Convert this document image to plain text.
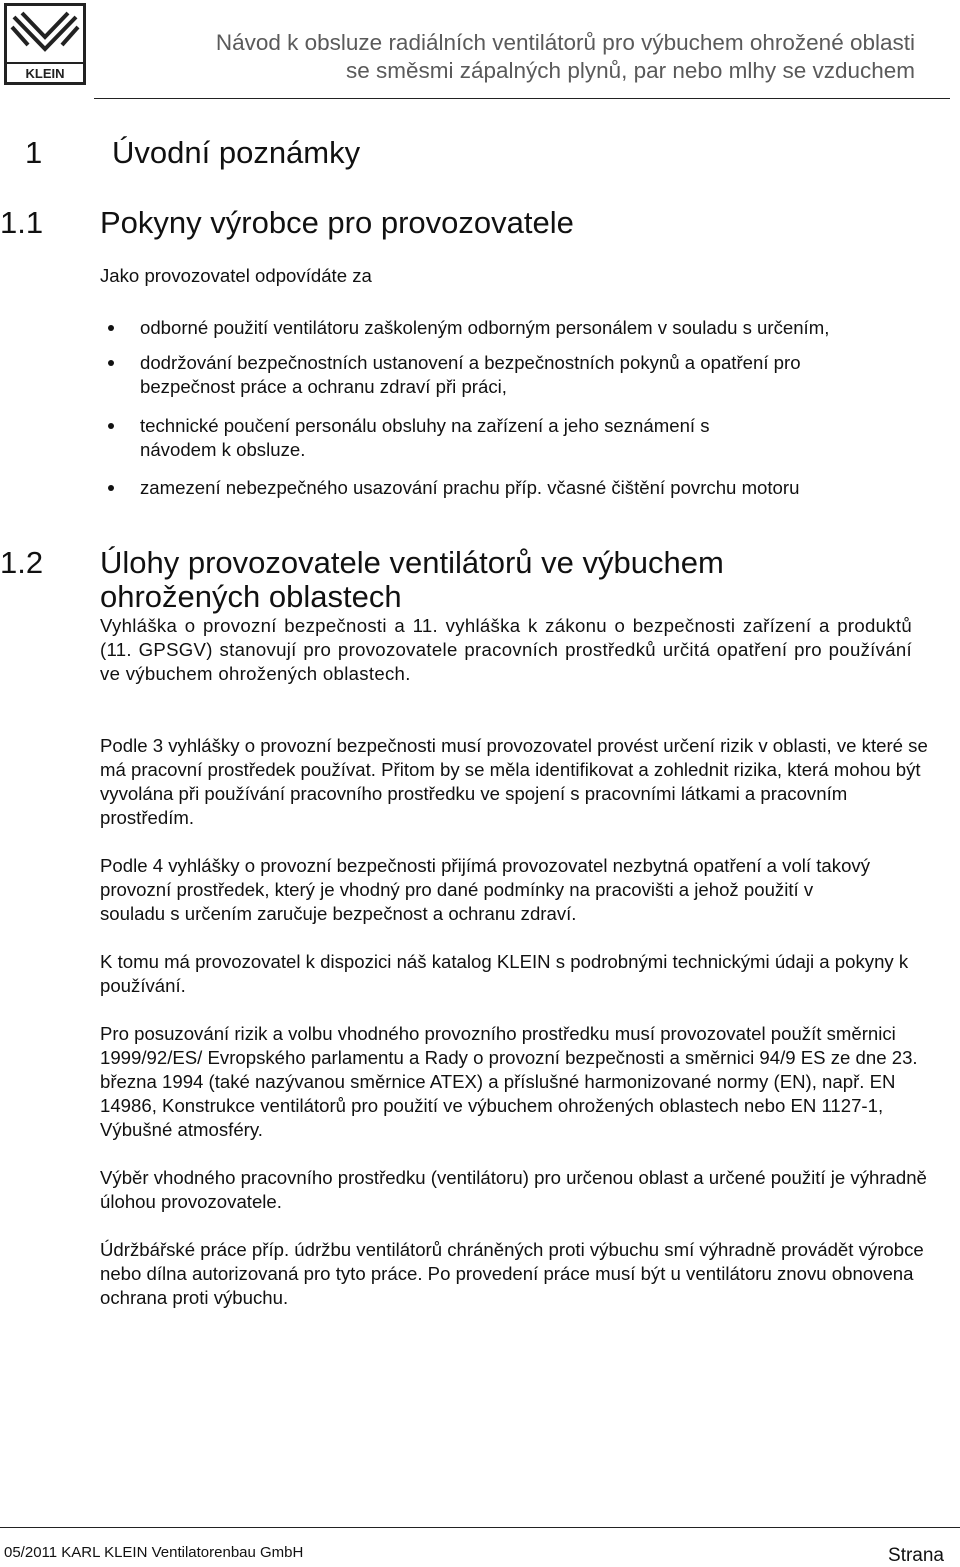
KLEIN

Návod k obsluze radiálních ventilátorů pro výbuchem ohrožené oblasti

se směsmi zápalných plynů, par nebo mlhy se vzduchem

1 Úvodní poznámky
1.1 Pokyny výrobce pro provozovatele

Jako provozovatel odpovídáte za

odborné použití ventilátoru zaškoleným odborným personálem v souladu s určením,

dodržování bezpečnostních ustanovení a bezpečnostních pokynů a opatření pro bezpečnost práce a ochranu zdraví při práci,

technické poučení personálu obsluhy na zařízení a jeho seznámení s návodem k obsluze.

zamezení nebezpečného usazování prachu příp. včasné čištění povrchu motoru

1.2 Úlohy provozovatele ventilátorů ve výbuchem
ohrožených oblastech

Vyhláška o provozní bezpečnosti a 11. vyhláška k zákonu o bezpečnosti zařízení a produktů (11. GPSGV) stanovují pro provozovatele pracovních prostředků určitá opatření pro používání ve výbuchem ohrožených oblastech.

Podle 3 vyhlášky o provozní bezpečnosti musí provozovatel provést určení rizik v oblasti, ve které se má pracovní prostředek používat. Přitom by se měla identifikovat a zohlednit rizika, která mohou být vyvolána při používání pracovního prostředku ve spojení s pracovními látkami a pracovním prostředím.

Podle 4 vyhlášky o provozní bezpečnosti přijímá provozovatel nezbytná opatření a volí takový provozní prostředek, který je vhodný pro dané podmínky na pracovišti a jehož použití v souladu s určením zaručuje bezpečnost a ochranu zdraví.

K tomu má provozovatel k dispozici náš katalog KLEIN s podrobnými technickými údaji a pokyny k používání.

Pro posuzování rizik a volbu vhodného provozního prostředku musí provozovatel použít směrnici 1999/92/ES/ Evropského parlamentu a Rady o provozní bezpečnosti a směrnici 94/9 ES ze dne 23. března 1994 (také nazývanou směrnice ATEX) a příslušné harmonizované normy (EN), např. EN 14986, Konstrukce ventilátorů pro použití ve výbuchem ohrožených oblastech nebo EN 1127-1, Výbušné atmosféry.

Výběr vhodného pracovního prostředku (ventilátoru) pro určenou oblast a určené použití je výhradně úlohou provozovatele.

Údržbářské práce příp. údržbu ventilátorů chráněných proti výbuchu smí výhradně provádět výrobce nebo dílna autorizovaná pro tyto práce. Po provedení práce musí být u ventilátoru znovu obnovena ochrana proti výbuchu.

05/2011 KARL KLEIN Ventilatorenbau GmbH	Strana
